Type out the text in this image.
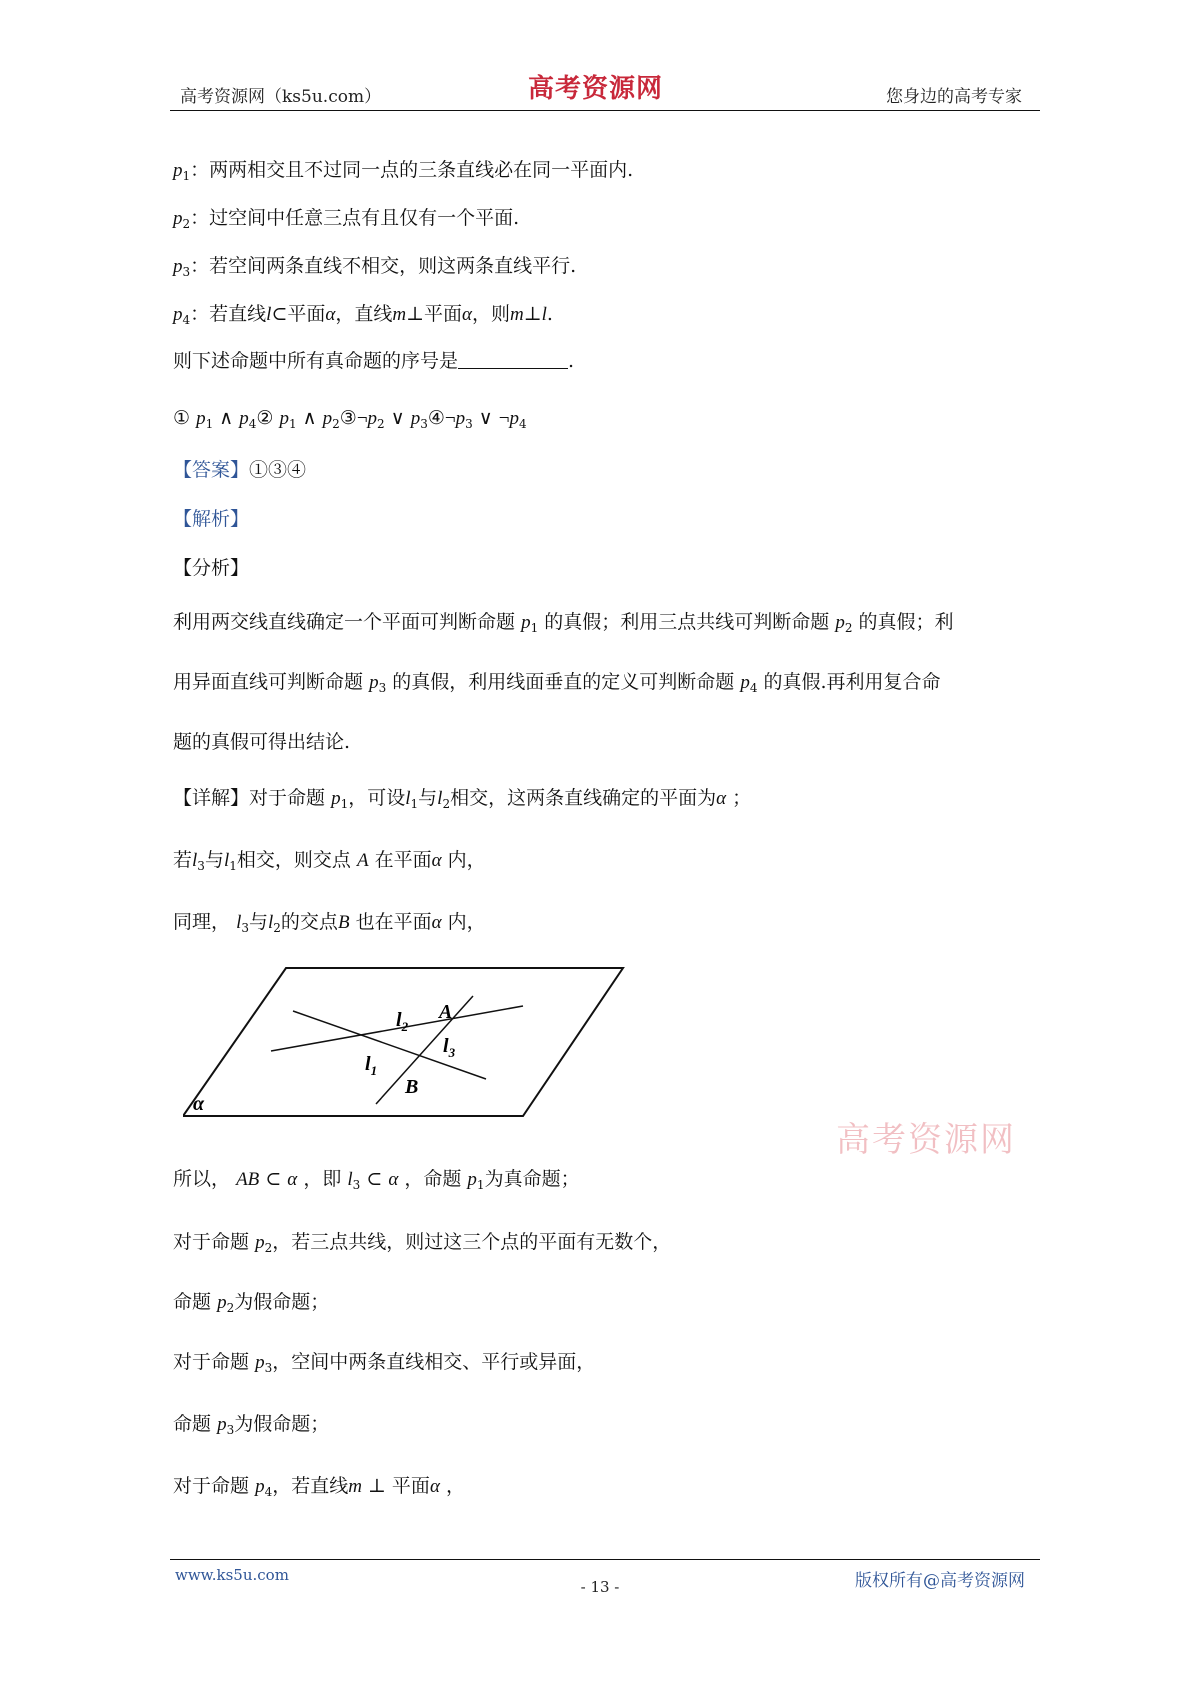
高考资源网（ks5u.com）	高考资源网	您身边的高考专家
$p_1$：两两相交且不过同一点的三条直线必在同一平面内.
$p_2$：过空间中任意三点有且仅有一个平面.
$p_3$：若空间两条直线不相交，则这两条直线平行.
$p_4$：若直线l⊂平面α，直线m⊥平面α，则m⊥l.
则下述命题中所有真命题的序号是	.
① $p_1$ ∧ $p_4②$ $p_1$ ∧ $p_2③\neg p_2$ ∨ $p_3④\neg p_3$ ∨ $\neg p_4$
【答案】①③④
【解析】
【分析】
利用两交线直线确定一个平面可判断命题 $p_1$ 的真假；利用三点共线可判断命题 $p_2$ 的真假；利
用异面直线可判断命题 $p_3$ 的真假，利用线面垂直的定义可判断命题 $p_4$ 的真假.再利用复合命
题的真假可得出结论.
【详解】对于命题 $p_1$，可设$l_1$与$l_2$相交，这两条直线确定的平面为α ；
若$l_3$与$l_1$相交，则交点 A 在平面α 内，
同理， $l_3$与$l_2$的交点B 也在平面α 内，
$l_2$
A
$l_3$
$l_1$
B
α
高考资源网
所以， AB ⊂ α ，即 $l_3$ ⊂ α ，命题 $p_1$为真命题；
对于命题 $p_2$，若三点共线，则过这三个点的平面有无数个，
命题 $p_2$为假命题；
对于命题 $p_3$，空间中两条直线相交、平行或异面，
命题 $p_3$为假命题；
对于命题 $p_4$，若直线m ⊥ 平面α ，
www.ks5u.com	版权所有@高考资源网
- 13 -
